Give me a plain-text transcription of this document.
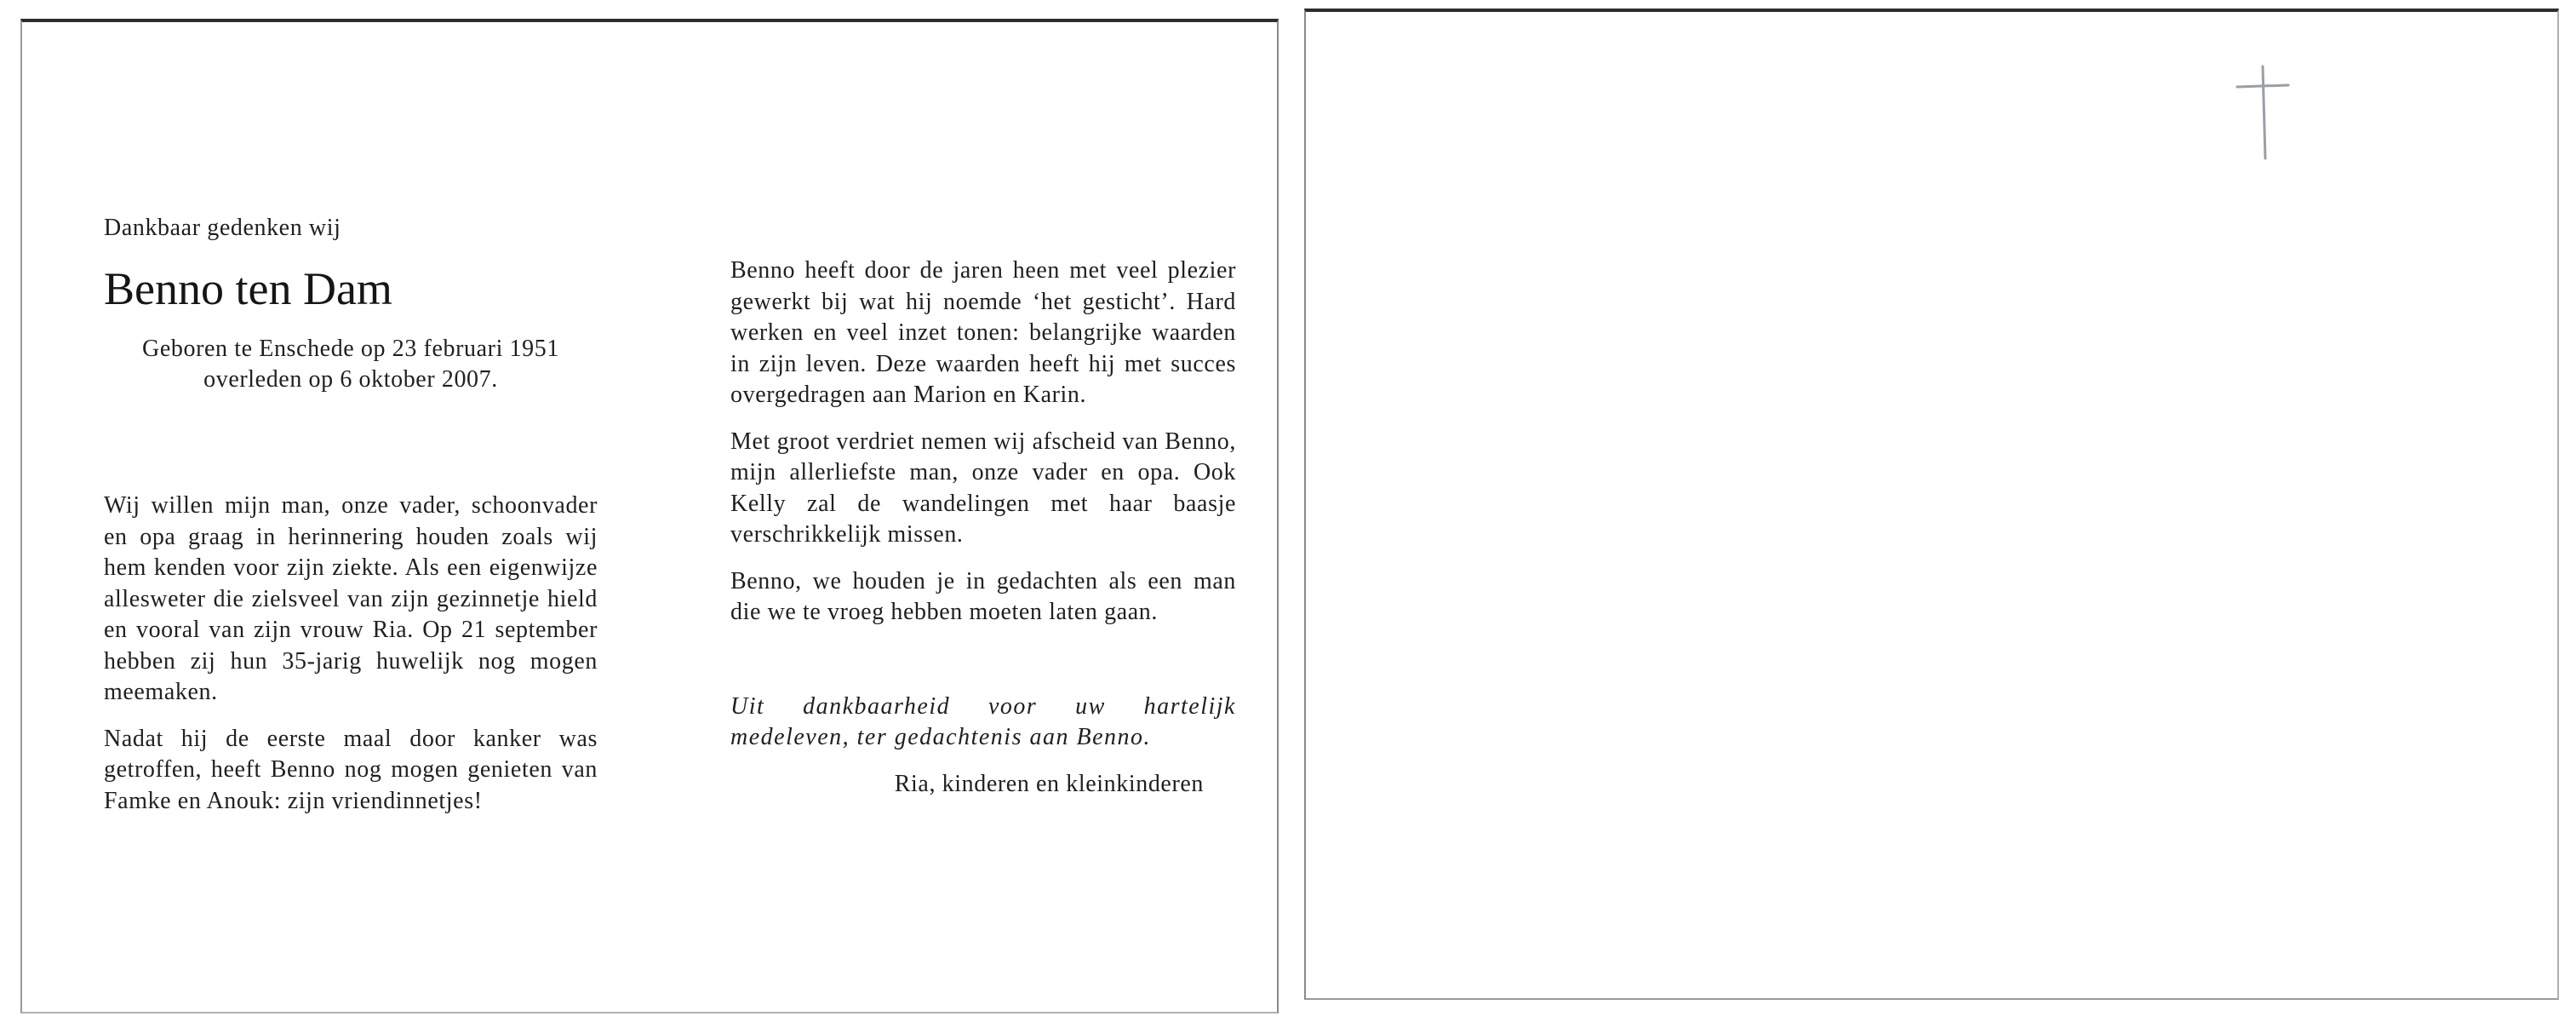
Dankbaar gedenken wij

Benno ten Dam

Geboren te Enschede op 23 februari 1951
overleden op 6 oktober 2007.

Wij willen mijn man, onze vader, schoonvader en opa graag in herinnering houden zoals wij hem kenden voor zijn ziekte. Als een eigenwijze allesweter die zielsveel van zijn gezinnetje hield en vooral van zijn vrouw Ria. Op 21 september hebben zij hun 35-jarig huwelijk nog mogen meemaken.

Nadat hij de eerste maal door kanker was getroffen, heeft Benno nog mogen genieten van Famke en Anouk: zijn vriendinnetjes!

Benno heeft door de jaren heen met veel plezier gewerkt bij wat hij noemde ‘het gesticht’. Hard werken en veel inzet tonen: belangrijke waarden in zijn leven. Deze waarden heeft hij met succes overgedragen aan Marion en Karin.

Met groot verdriet nemen wij afscheid van Benno, mijn allerliefste man, onze vader en opa. Ook Kelly zal de wandelingen met haar baasje verschrikkelijk missen.

Benno, we houden je in gedachten als een man die we te vroeg hebben moeten laten gaan.

Uit dankbaarheid voor uw hartelijk medeleven, ter gedachtenis aan Benno.

Ria, kinderen en kleinkinderen
